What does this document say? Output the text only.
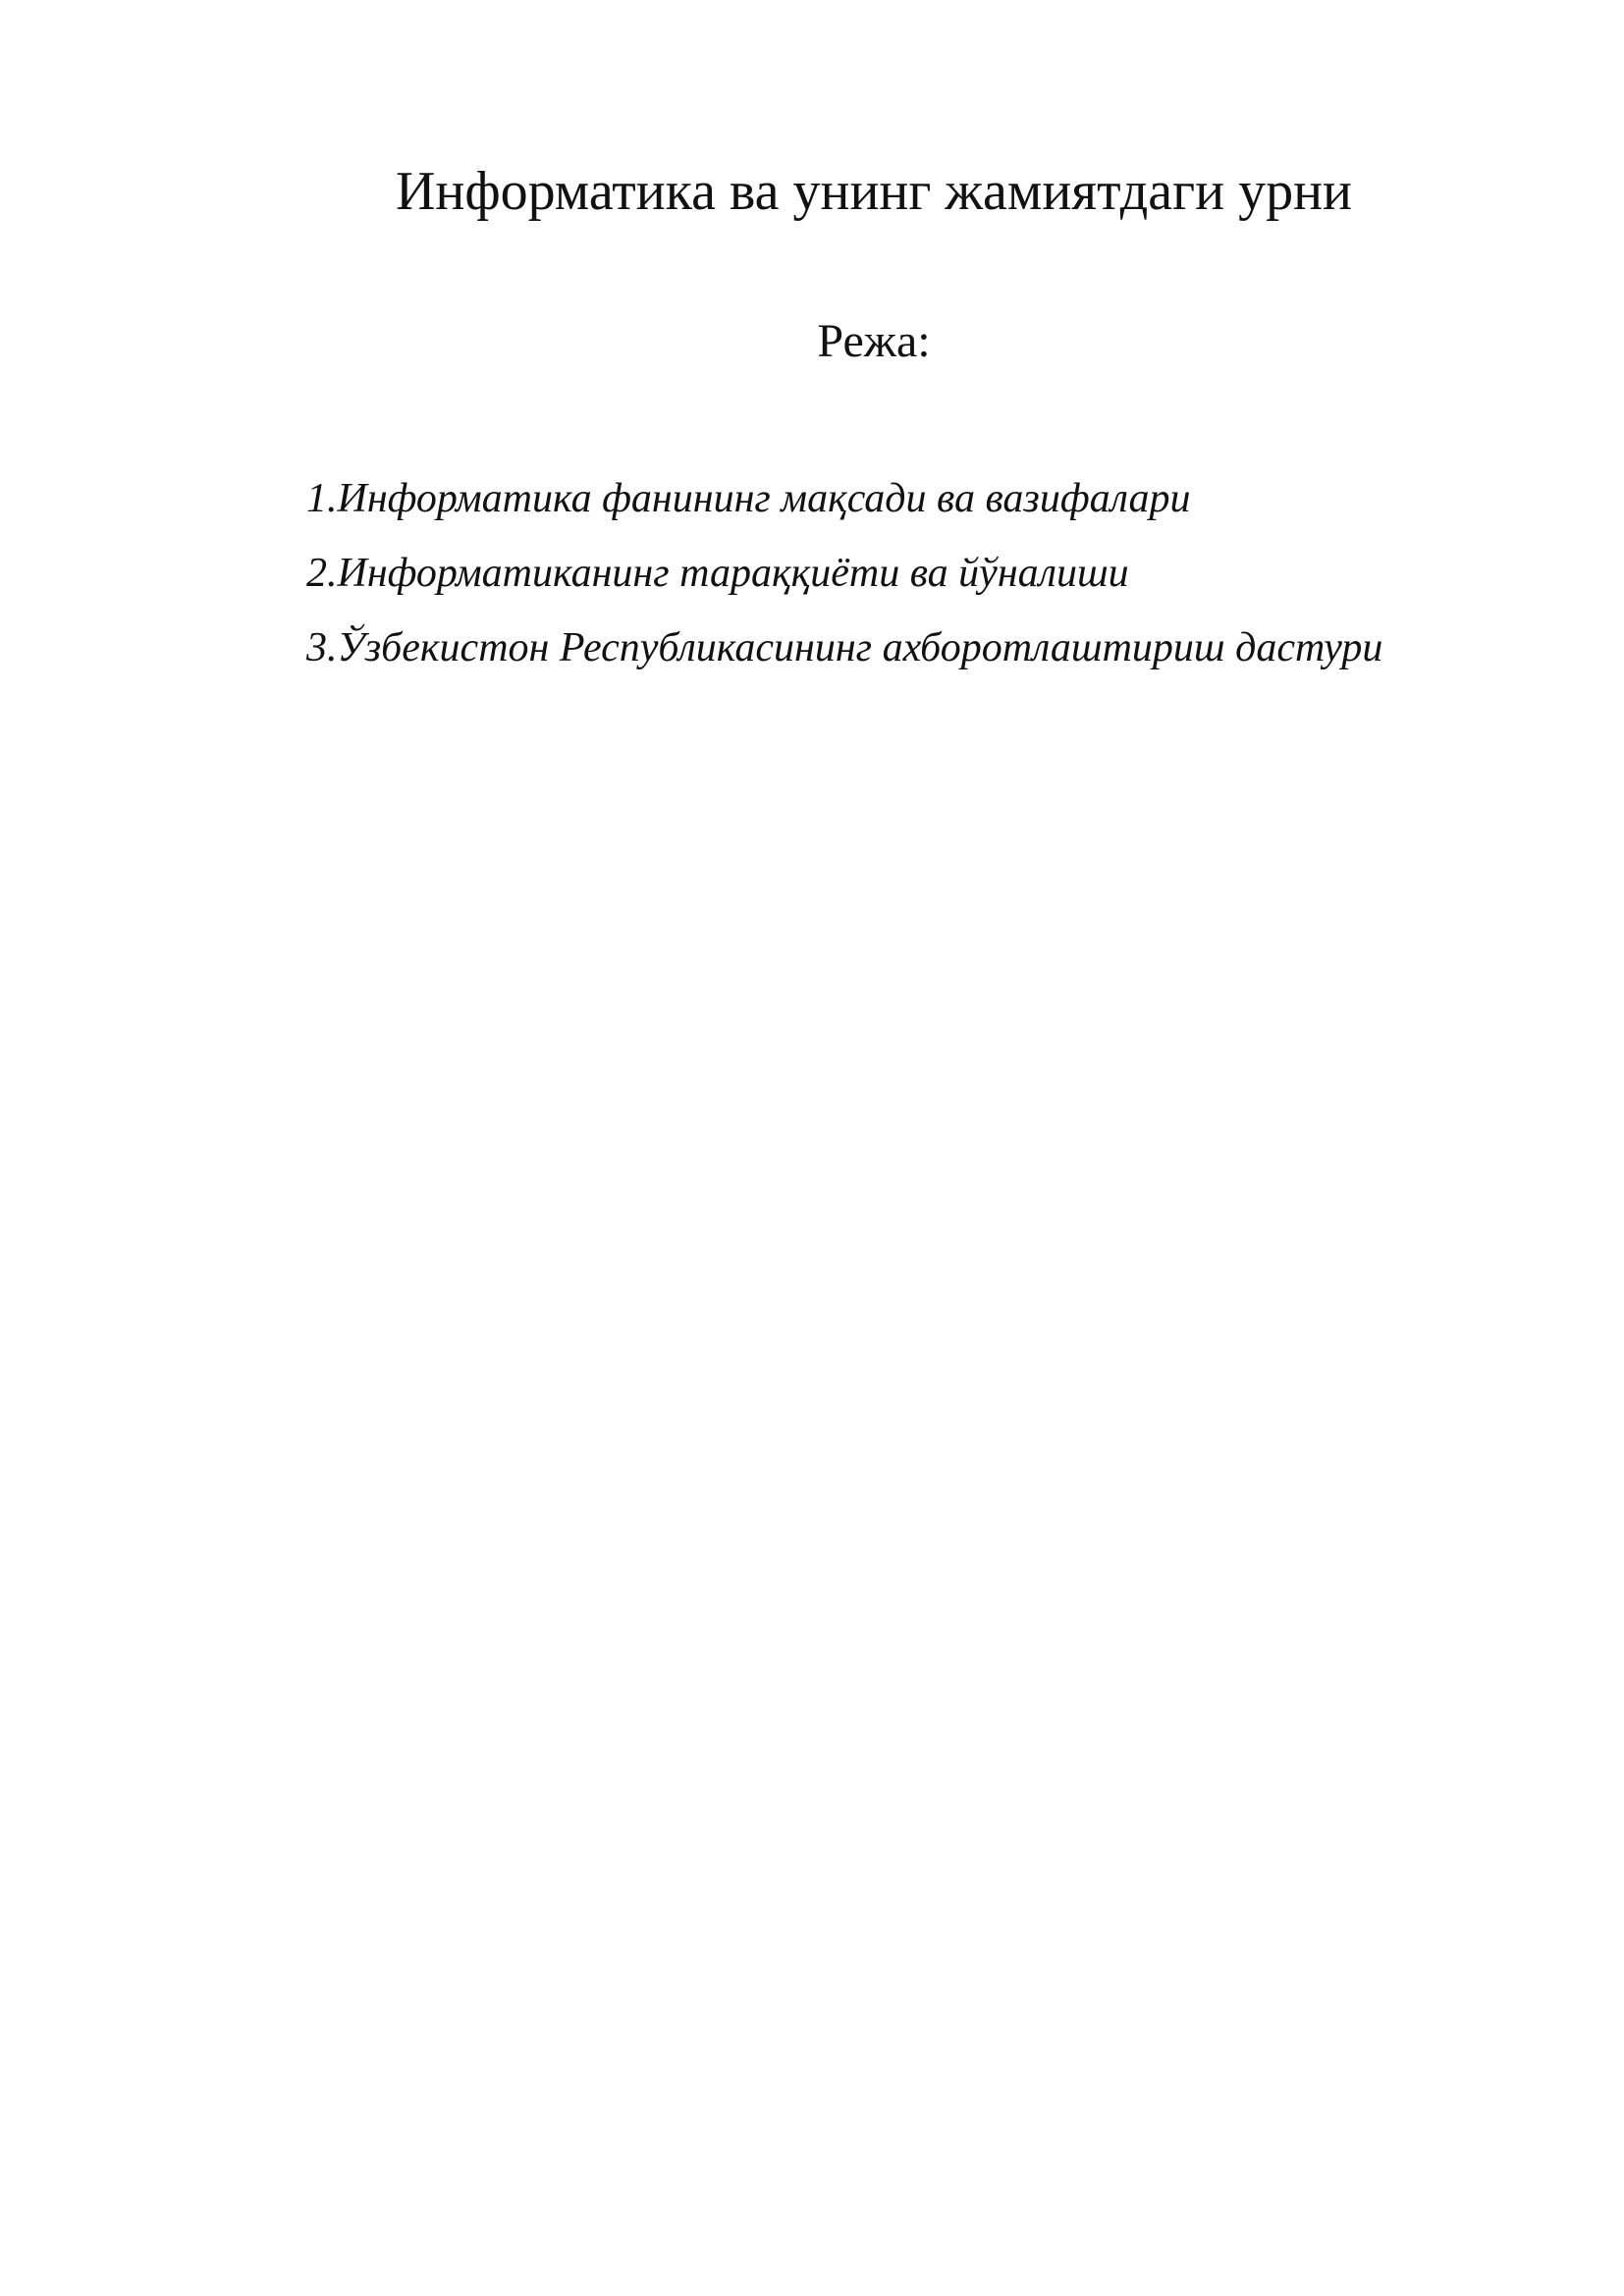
Информатика ва унинг жамиятдаги урни

Режа:

1.Информатика фанининг мақсади ва вазифалари
2.Информатиканинг тараққиёти ва йўналиши
3.Ўзбекистон Республикасининг ахборотлаштириш дастури
